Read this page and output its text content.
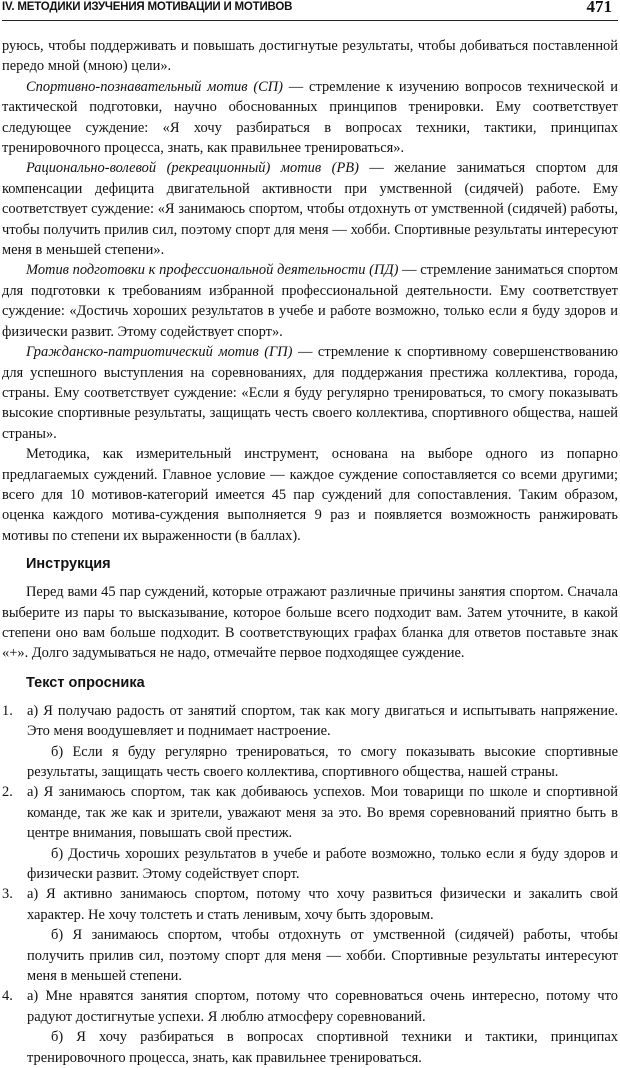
IV. МЕТОДИКИ ИЗУЧЕНИЯ МОТИВАЦИИ И МОТИВОВ	471

руюсь, чтобы поддерживать и повышать достигнутые результаты, чтобы добиваться поставленной передо мной (мною) цели».

Спортивно-познавательный мотив (СП) — стремление к изучению вопросов технической и тактической подготовки, научно обоснованных принципов тренировки. Ему соответствует следующее суждение: «Я хочу разбираться в вопросах техники, тактики, принципах тренировочного процесса, знать, как правильнее тренироваться».

Рационально-волевой (рекреационный) мотив (РВ) — желание заниматься спортом для компенсации дефицита двигательной активности при умственной (сидячей) работе. Ему соответствует суждение: «Я занимаюсь спортом, чтобы отдохнуть от умственной (сидячей) работы, чтобы получить прилив сил, поэтому спорт для меня — хобби. Спортивные результаты интересуют меня в меньшей степени».

Мотив подготовки к профессиональной деятельности (ПД) — стремление заниматься спортом для подготовки к требованиям избранной профессиональной деятельности. Ему соответствует суждение: «Достичь хороших результатов в учебе и работе возможно, только если я буду здоров и физически развит. Этому содействует спорт».

Гражданско-патриотический мотив (ГП) — стремление к спортивному совершенствованию для успешного выступления на соревнованиях, для поддержания престижа коллектива, города, страны. Ему соответствует суждение: «Если я буду регулярно тренироваться, то смогу показывать высокие спортивные результаты, защищать честь своего коллектива, спортивного общества, нашей страны».

Методика, как измерительный инструмент, основана на выборе одного из попарно предлагаемых суждений. Главное условие — каждое суждение сопоставляется со всеми другими; всего для 10 мотивов-категорий имеется 45 пар суждений для сопоставления. Таким образом, оценка каждого мотива-суждения выполняется 9 раз и появляется возможность ранжировать мотивы по степени их выраженности (в баллах).

Инструкция

Перед вами 45 пар суждений, которые отражают различные причины занятия спортом. Сначала выберите из пары то высказывание, которое больше всего подходит вам. Затем уточните, в какой степени оно вам больше подходит. В соответствующих графах бланка для ответов поставьте знак «+». Долго задумываться не надо, отмечайте первое подходящее суждение.

Текст опросника
1. а) Я получаю радость от занятий спортом, так как могу двигаться и испытывать напряжение. Это меня воодушевляет и поднимает настроение.

б) Если я буду регулярно тренироваться, то смогу показывать высокие спортивные результаты, защищать честь своего коллектива, спортивного общества, нашей страны.

2. а) Я занимаюсь спортом, так как добиваюсь успехов. Мои товарищи по школе и спортивной команде, так же как и зрители, уважают меня за это. Во время соревнований приятно быть в центре внимания, повышать свой престиж.

б) Достичь хороших результатов в учебе и работе возможно, только если я буду здоров и физически развит. Этому содействует спорт.

3. а) Я активно занимаюсь спортом, потому что хочу развиться физически и закалить свой характер. Не хочу толстеть и стать ленивым, хочу быть здоровым.

б) Я занимаюсь спортом, чтобы отдохнуть от умственной (сидячей) работы, чтобы получить прилив сил, поэтому спорт для меня — хобби. Спортивные результаты интересуют меня в меньшей степени.

4. а) Мне нравятся занятия спортом, потому что соревноваться очень интересно, потому что радуют достигнутые успехи. Я люблю атмосферу соревнований.

б) Я хочу разбираться в вопросах спортивной техники и тактики, принципах тренировочного процесса, знать, как правильнее тренироваться.
